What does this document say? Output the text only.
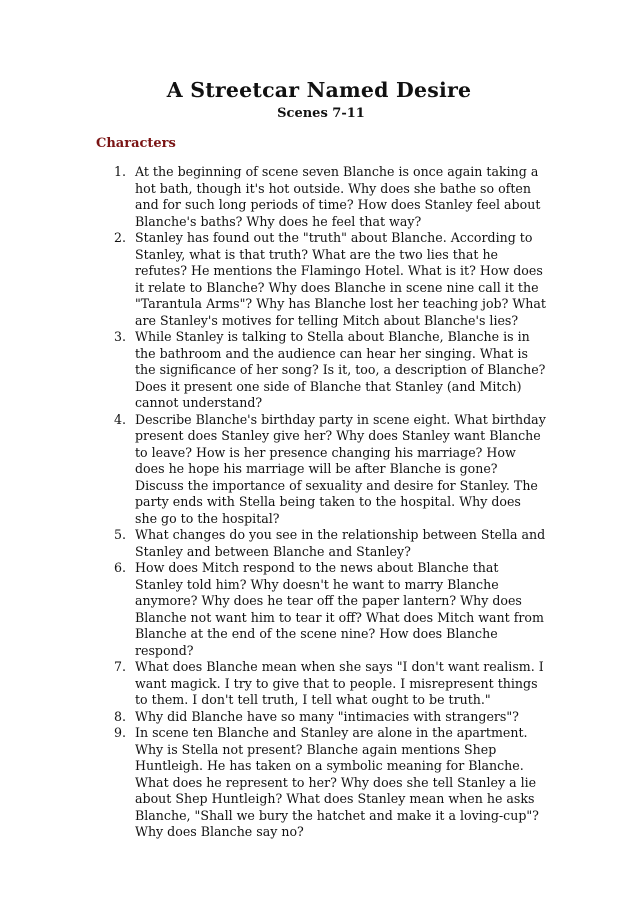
A Streetcar Named Desire
Scenes 7-11
Characters
1. At the beginning of scene seven Blanche is once again taking a hot bath, though it's hot outside. Why does she bathe so often and for such long periods of time? How does Stanley feel about Blanche's baths? Why does he feel that way?
2. Stanley has found out the "truth" about Blanche. According to Stanley, what is that truth? What are the two lies that he refutes? He mentions the Flamingo Hotel. What is it? How does it relate to Blanche? Why does Blanche in scene nine call it the "Tarantula Arms"? Why has Blanche lost her teaching job? What are Stanley's motives for telling Mitch about Blanche's lies?
3. While Stanley is talking to Stella about Blanche, Blanche is in the bathroom and the audience can hear her singing. What is the significance of her song? Is it, too, a description of Blanche? Does it present one side of Blanche that Stanley (and Mitch) cannot understand?
4. Describe Blanche's birthday party in scene eight. What birthday present does Stanley give her? Why does Stanley want Blanche to leave? How is her presence changing his marriage? How does he hope his marriage will be after Blanche is gone? Discuss the importance of sexuality and desire for Stanley. The party ends with Stella being taken to the hospital. Why does she go to the hospital?
5. What changes do you see in the relationship between Stella and Stanley and between Blanche and Stanley?
6. How does Mitch respond to the news about Blanche that Stanley told him? Why doesn't he want to marry Blanche anymore? Why does he tear off the paper lantern? Why does Blanche not want him to tear it off? What does Mitch want from Blanche at the end of the scene nine? How does Blanche respond?
7. What does Blanche mean when she says "I don't want realism. I want magick. I try to give that to people. I misrepresent things to them. I don't tell truth, I tell what ought to be truth."
8. Why did Blanche have so many "intimacies with strangers"?
9. In scene ten Blanche and Stanley are alone in the apartment. Why is Stella not present? Blanche again mentions Shep Huntleigh. He has taken on a symbolic meaning for Blanche. What does he represent to her? Why does she tell Stanley a lie about Shep Huntleigh? What does Stanley mean when he asks Blanche, "Shall we bury the hatchet and make it a loving-cup"? Why does Blanche say no?
